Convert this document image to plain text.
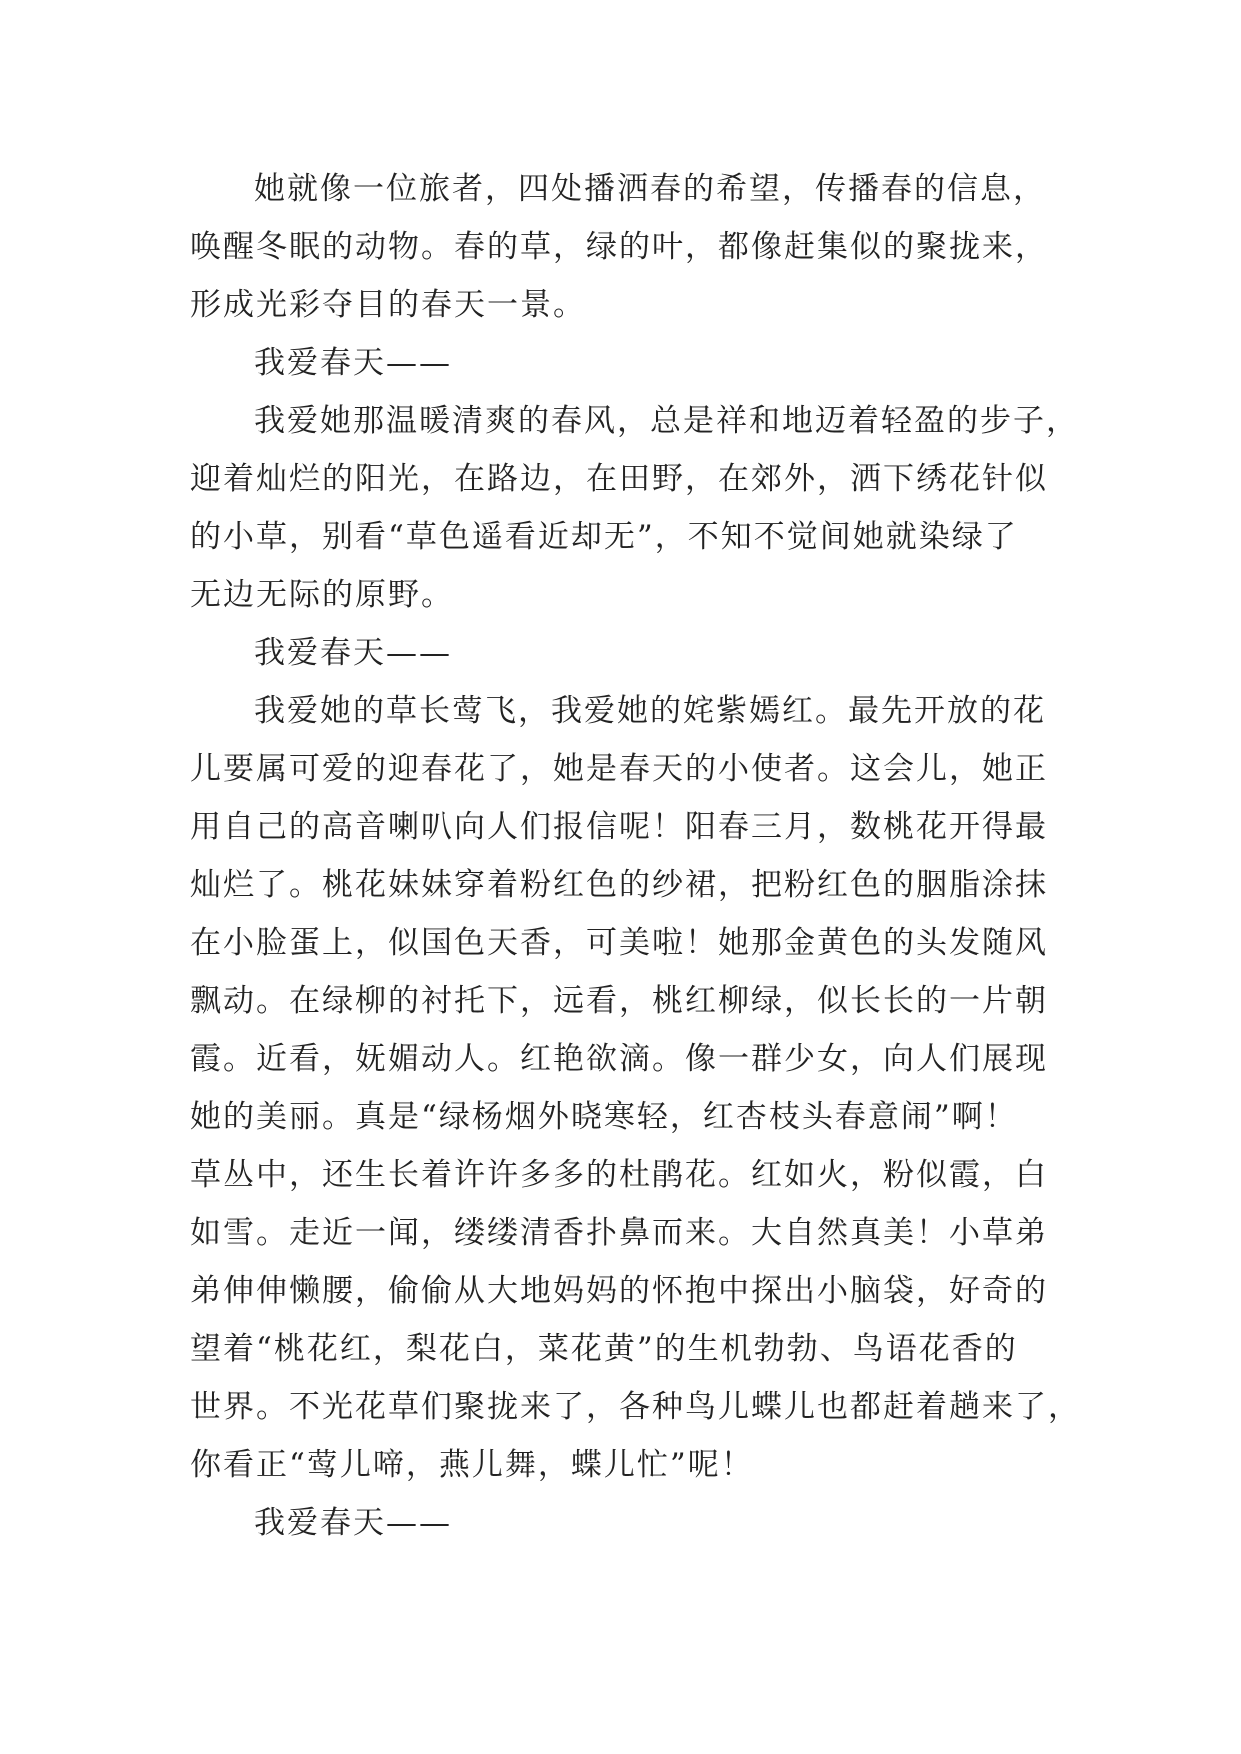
她就像一位旅者，四处播洒春的希望，传播春的信息，
唤醒冬眠的动物。春的草，绿的叶，都像赶集似的聚拢来，
形成光彩夺目的春天一景。
我爱春天——
我爱她那温暖清爽的春风，总是祥和地迈着轻盈的步子，
迎着灿烂的阳光，在路边，在田野，在郊外，洒下绣花针似
的小草，别看“草色遥看近却无”，不知不觉间她就染绿了
无边无际的原野。
我爱春天——
我爱她的草长莺飞，我爱她的姹紫嫣红。最先开放的花
儿要属可爱的迎春花了，她是春天的小使者。这会儿，她正
用自己的高音喇叭向人们报信呢！阳春三月，数桃花开得最
灿烂了。桃花妹妹穿着粉红色的纱裙，把粉红色的胭脂涂抹
在小脸蛋上，似国色天香，可美啦！她那金黄色的头发随风
飘动。在绿柳的衬托下，远看，桃红柳绿，似长长的一片朝
霞。近看，妩媚动人。红艳欲滴。像一群少女，向人们展现
她的美丽。真是“绿杨烟外晓寒轻，红杏枝头春意闹”啊！
草丛中，还生长着许许多多的杜鹃花。红如火，粉似霞，白
如雪。走近一闻，缕缕清香扑鼻而来。大自然真美！小草弟
弟伸伸懒腰，偷偷从大地妈妈的怀抱中探出小脑袋，好奇的
望着“桃花红，梨花白，菜花黄”的生机勃勃、鸟语花香的
世界。不光花草们聚拢来了，各种鸟儿蝶儿也都赶着趟来了，
你看正“莺儿啼，燕儿舞，蝶儿忙”呢！
我爱春天——
